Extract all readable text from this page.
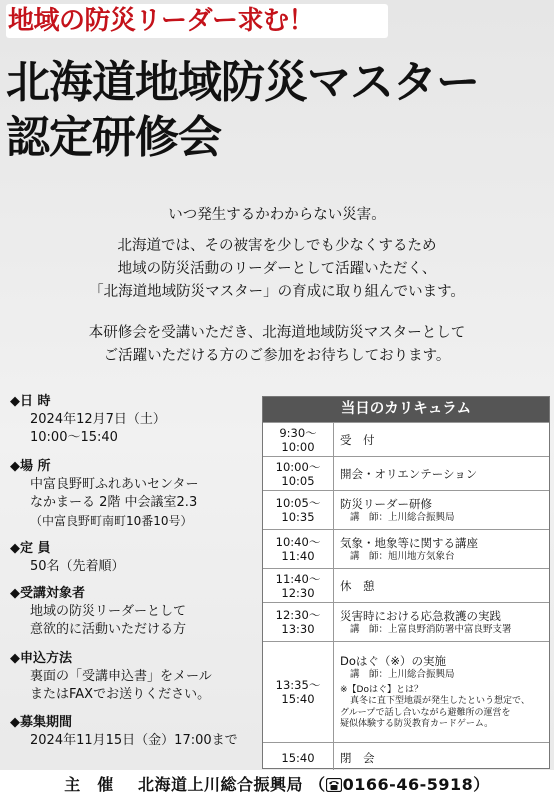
地域の防災リーダー求む！
北海道地域防災マスター
認定研修会
いつ発生するかわからない災害。
北海道では、その被害を少しでも少なくするため
地域の防災活動のリーダーとして活躍いただく、
「北海道地域防災マスター」の育成に取り組んでいます。
本研修会を受講いただき、北海道地域防災マスターとして
ご活躍いただける方のご参加をお待ちしております。
◆日 時
2024年12月7日（土）
10:00〜15:40
◆場 所
中富良野町ふれあいセンター
なかまーる 2階 中会議室2.3
（中富良野町南町10番10号）
◆定 員
50名（先着順）
◆受講対象者
地域の防災リーダーとして
意欲的に活動いただける方
◆申込方法
裏面の「受講申込書」をメール
またはFAXでお送りください。
◆募集期間
2024年11月15日（金）17:00まで
当日のカリキュラム
9:30〜
10:00 受　付
10:00〜
10:05 開会・オリエンテーション
10:05〜
10:35
防災リーダー研修
講　師：上川総合振興局
10:40〜
11:40
気象・地象等に関する講座
講　師：旭川地方気象台
11:40〜
12:30 休　憩
12:30〜
13:30
災害時における応急救護の実践
講　師：上富良野消防署中富良野支署
13:35〜
15:40
Doはぐ（※）の実施
講　師：上川総合振興局
※【Doはぐ】とは？
真冬に直下型地震が発生したという想定で、
グループで話し合いながら避難所の運営を
疑似体験する防災教育カードゲーム。
15:40 閉　会
主　催 北海道上川総合振興局 （ 0166-46-5918）
